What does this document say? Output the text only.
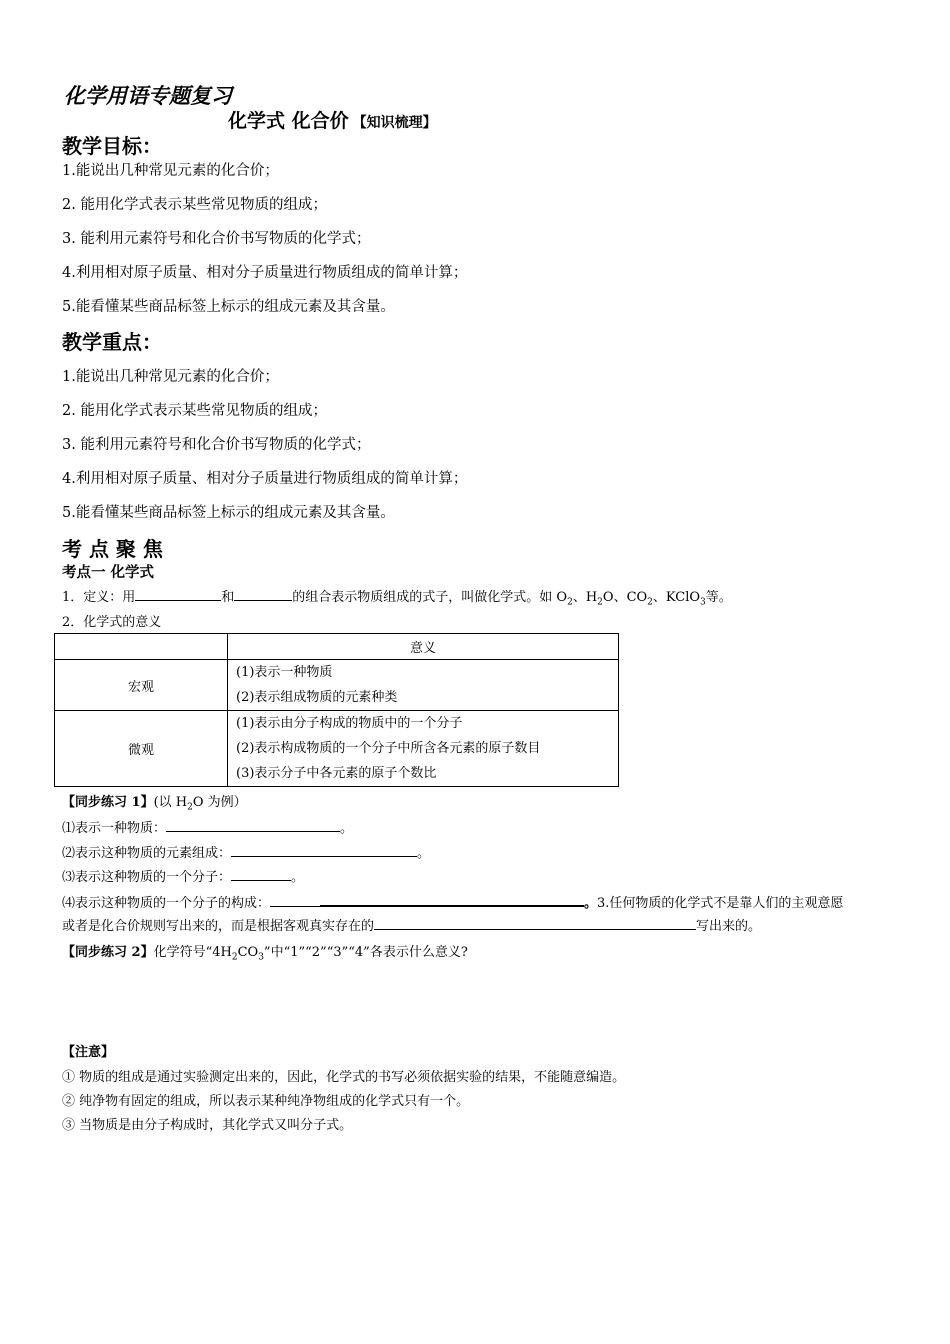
化学用语专题复习
化学式 化合价 【知识梳理】
教学目标：
1.能说出几种常见元素的化合价；
2. 能用化学式表示某些常见物质的组成；
3. 能利用元素符号和化合价书写物质的化学式；
4.利用相对原子质量、相对分子质量进行物质组成的简单计算；
5.能看懂某些商品标签上标示的组成元素及其含量。
教学重点：
1.能说出几种常见元素的化合价；
2. 能用化学式表示某些常见物质的组成；
3. 能利用元素符号和化合价书写物质的化学式；
4.利用相对原子质量、相对分子质量进行物质组成的简单计算；
5.能看懂某些商品标签上标示的组成元素及其含量。
考 点 聚 焦
考点一 化学式
1．定义：用	和	的组合表示物质组成的式子，叫做化学式。如 $O_2$、$H_2O$、$CO_2$、KClO$_3$等。
2．化学式的意义
	意义
宏观	(1)表示一种物质
(2)表示组成物质的元素种类

微观	(1)表示由分子构成的物质中的一个分子
(2)表示构成物质的一个分子中所含各元素的原子数目
(3)表示分子中各元素的原子个数比
【同步练习 1】(以 $H_2O$ 为例）
⑴表示一种物质：	。
⑵表示这种物质的元素组成：	。
⑶表示这种物质的一个分子：	。
⑷表示这种物质的一个分子的构成：	。3.任何物质的化学式不是靠人们的主观意愿
或者是化合价规则写出来的，而是根据客观真实存在的	写出来的。
【同步练习 2】化学符号“$4H_2CO_3$”中“1”“2”“3”“4”各表示什么意义?
【注意】
① 物质的组成是通过实验测定出来的，因此，化学式的书写必须依据实验的结果，不能随意编造。
② 纯净物有固定的组成，所以表示某种纯净物组成的化学式只有一个。
③ 当物质是由分子构成时，其化学式又叫分子式。
